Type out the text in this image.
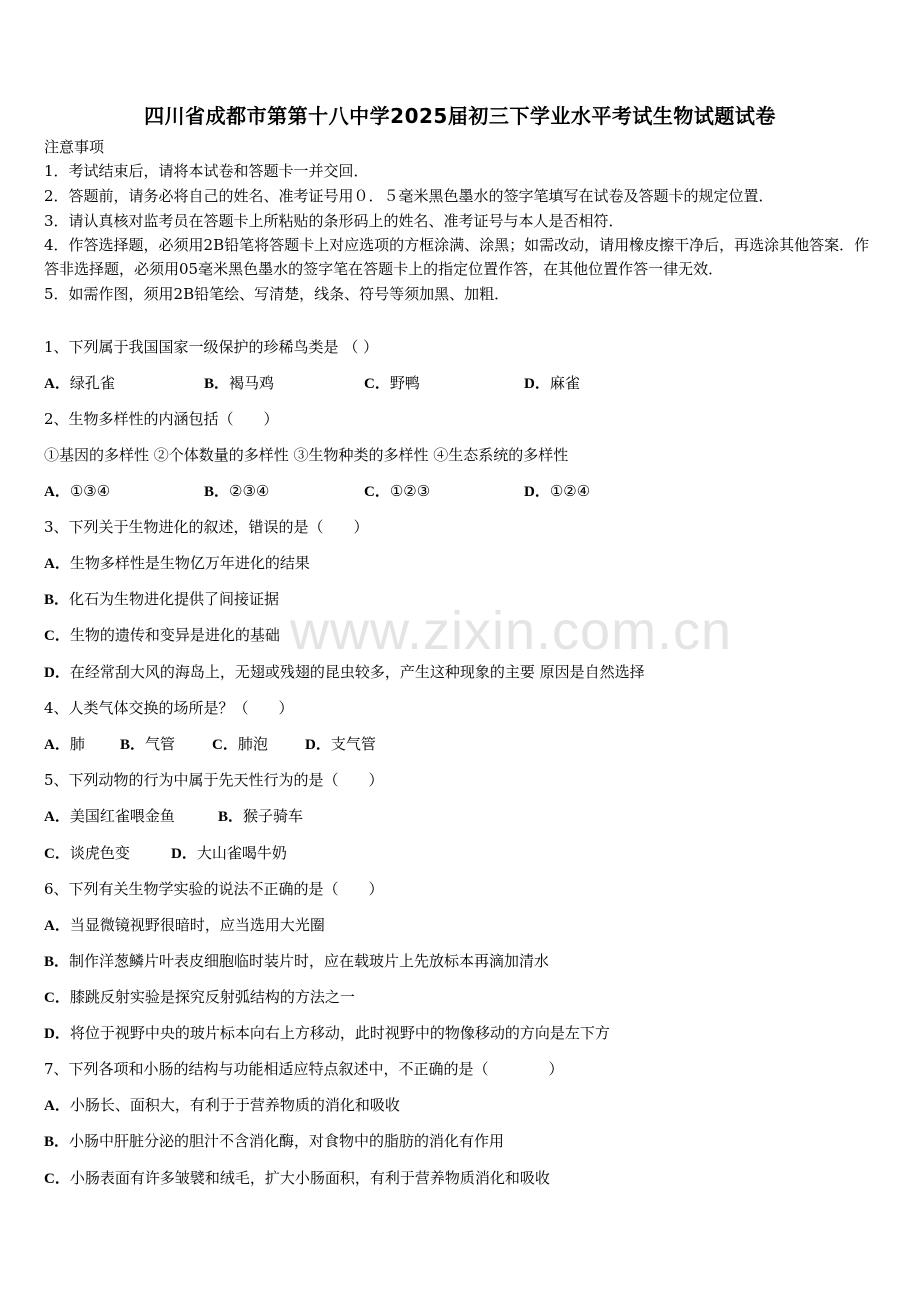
www.zixin.com.cn
四川省成都市第第十八中学2025届初三下学业水平考试生物试题试卷
注意事项
1．考试结束后，请将本试卷和答题卡一并交回．
2．答题前，请务必将自己的姓名、准考证号用０．５毫米黑色墨水的签字笔填写在试卷及答题卡的规定位置．
3．请认真核对监考员在答题卡上所粘贴的条形码上的姓名、准考证号与本人是否相符．
4．作答选择题，必须用2B铅笔将答题卡上对应选项的方框涂满、涂黑；如需改动，请用橡皮擦干净后，再选涂其他答案．作答非选择题，必须用05毫米黑色墨水的签字笔在答题卡上的指定位置作答，在其他位置作答一律无效．
5．如需作图，须用2B铅笔绘、写清楚，线条、符号等须加黑、加粗．
1、下列属于我国国家一级保护的珍稀鸟类是 （ ）
A．绿孔雀	B．褐马鸡	C．野鸭	D．麻雀
2、生物多样性的内涵包括（　　）
①基因的多样性 ②个体数量的多样性 ③生物种类的多样性 ④生态系统的多样性
A．①③④	B．②③④	C．①②③	D．①②④
3、下列关于生物进化的叙述，错误的是（　　）
A．生物多样性是生物亿万年进化的结果
B．化石为生物进化提供了间接证据
C．生物的遗传和变异是进化的基础
D．在经常刮大风的海岛上，无翅或残翅的昆虫较多，产生这种现象的主要 原因是自然选择
4、人类气体交换的场所是？（　　）
A．肺 B．气管 C．肺泡 D．支气管
5、下列动物的行为中属于先天性行为的是（　　）
A．美国红雀喂金鱼	B．猴子骑车
C．谈虎色变	D．大山雀喝牛奶
6、下列有关生物学实验的说法不正确的是（　　）
A．当显微镜视野很暗时，应当选用大光圈
B．制作洋葱鳞片叶表皮细胞临时装片时，应在载玻片上先放标本再滴加清水
C．膝跳反射实验是探究反射弧结构的方法之一
D．将位于视野中央的玻片标本向右上方移动，此时视野中的物像移动的方向是左下方
7、下列各项和小肠的结构与功能相适应特点叙述中，不正确的是（　　　　）
A．小肠长、面积大，有利于于营养物质的消化和吸收
B．小肠中肝脏分泌的胆汁不含消化酶，对食物中的脂肪的消化有作用
C．小肠表面有许多皱襞和绒毛，扩大小肠面积，有利于营养物质消化和吸收
